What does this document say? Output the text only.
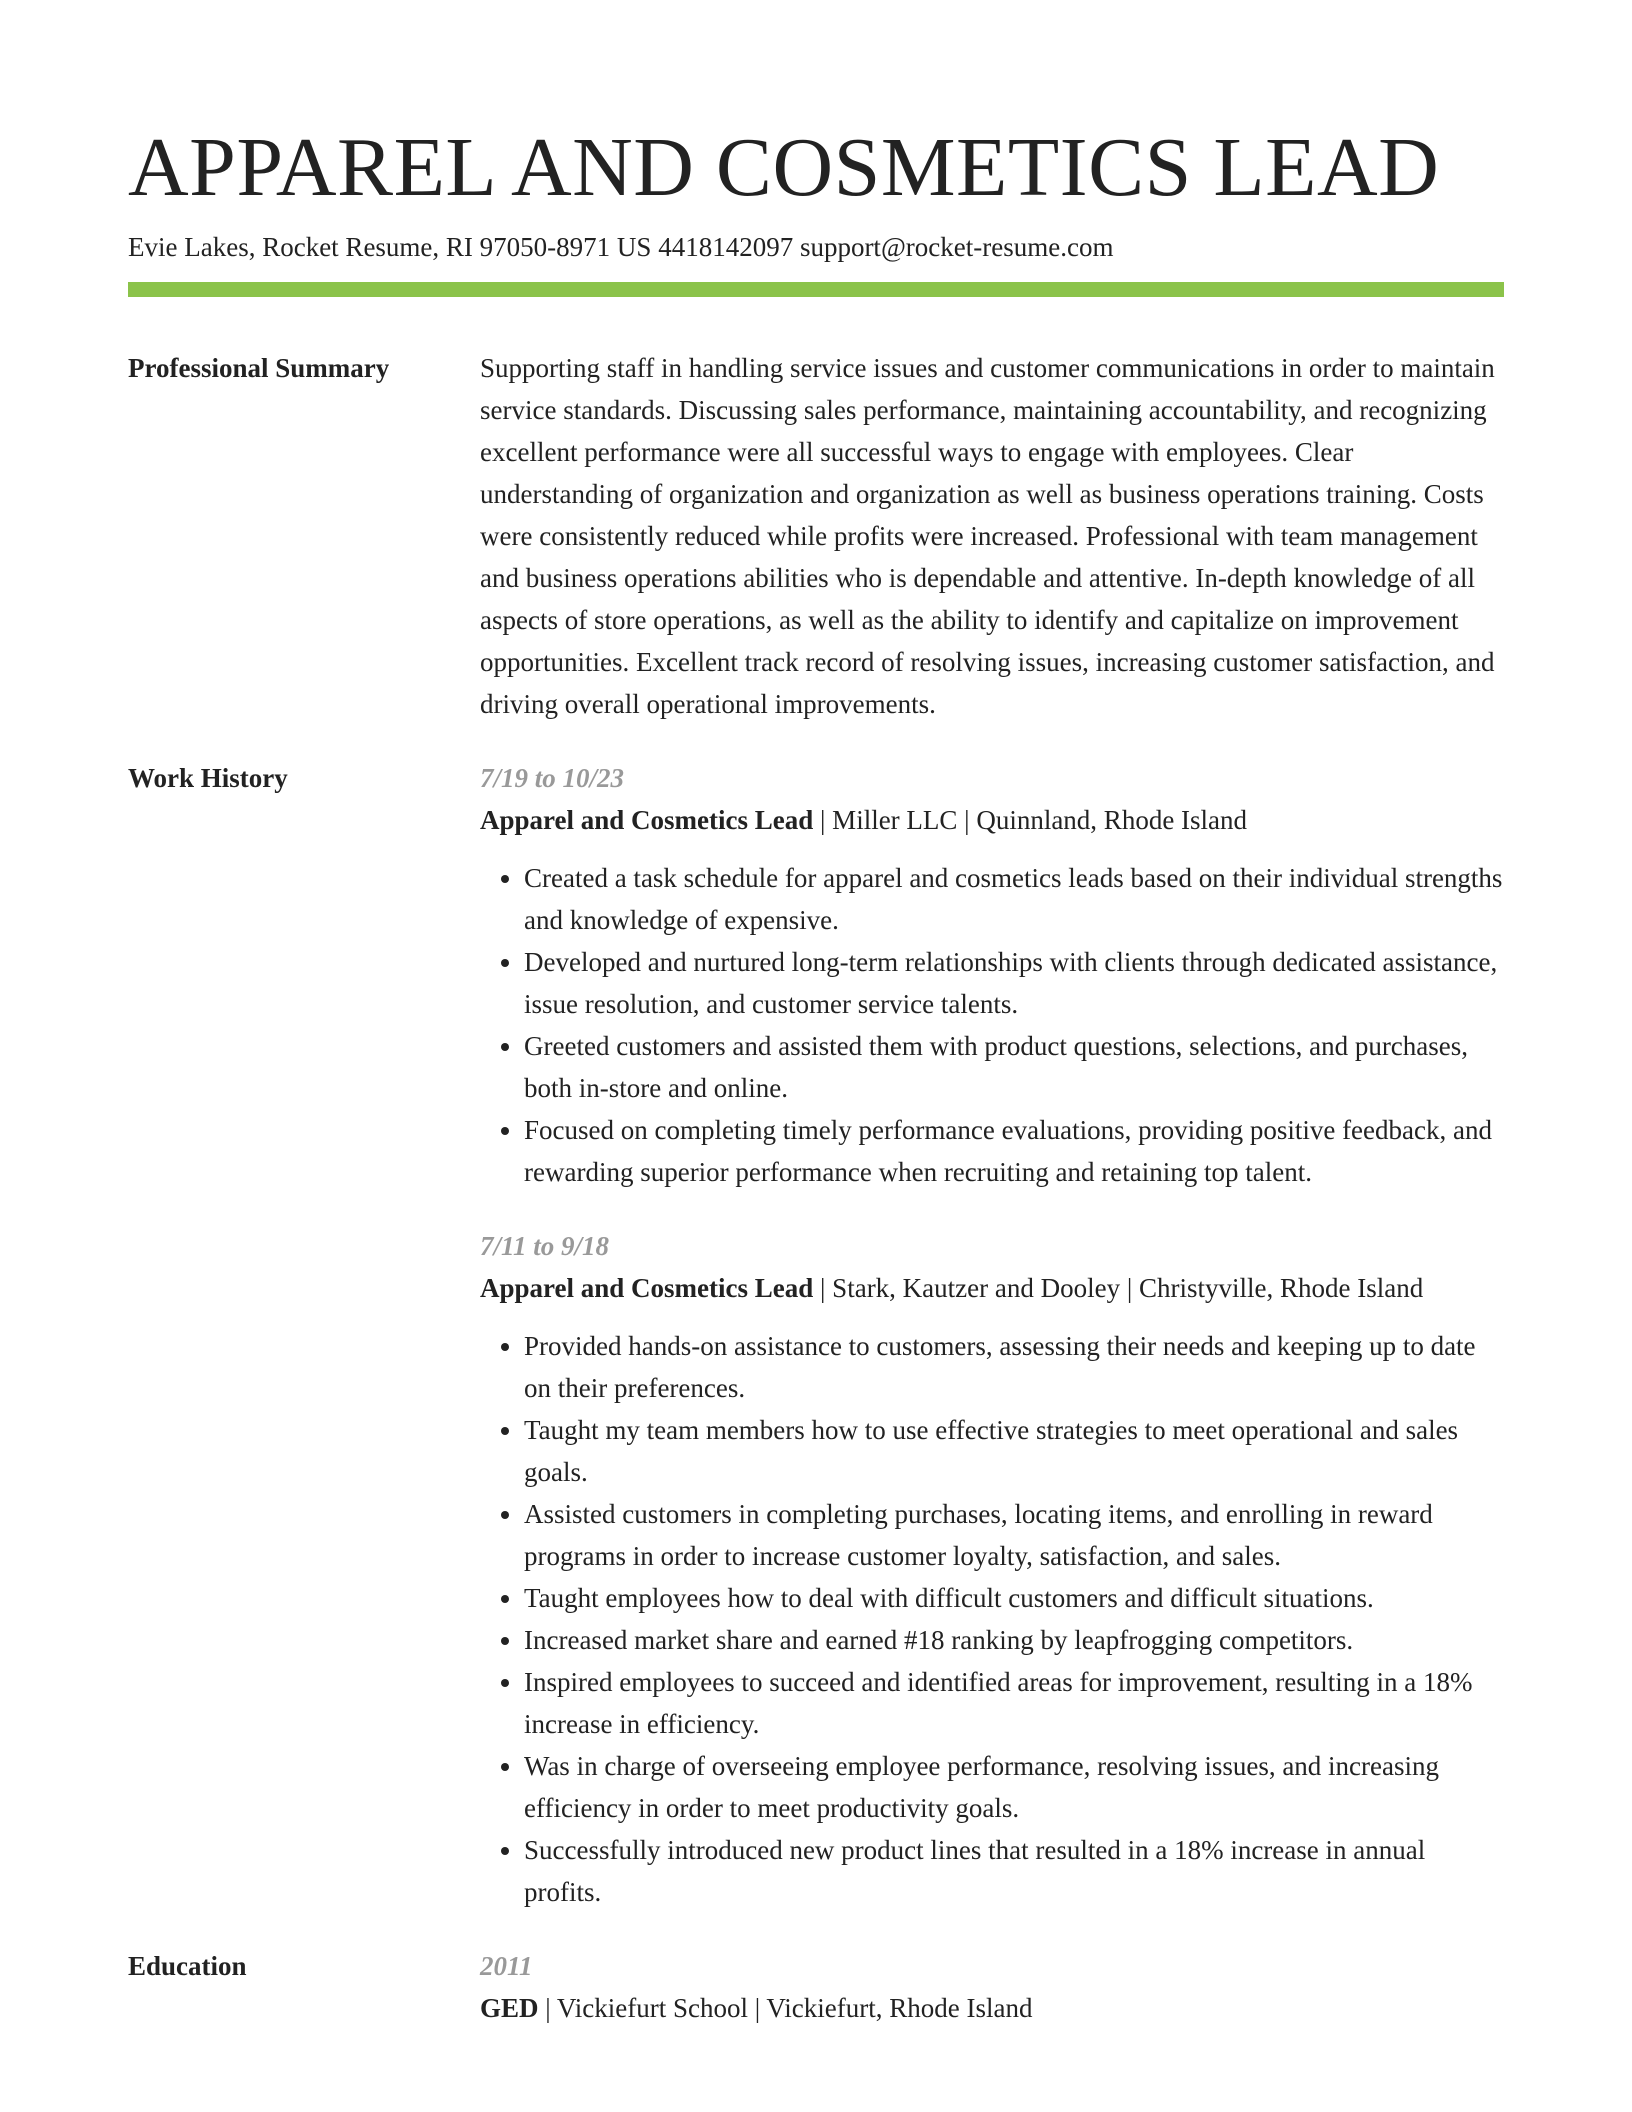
APPAREL AND COSMETICS LEAD
Evie Lakes, Rocket Resume, RI 97050-8971 US 4418142097 support@rocket-resume.com
Professional Summary	Supporting staff in handling service issues and customer communications in order to maintain service standards. Discussing sales performance, maintaining accountability, and recognizing excellent performance were all successful ways to engage with employees. Clear understanding of organization and organization as well as business operations training. Costs were consistently reduced while profits were increased. Professional with team management and business operations abilities who is dependable and attentive. In-depth knowledge of all aspects of store operations, as well as the ability to identify and capitalize on improvement opportunities. Excellent track record of resolving issues, increasing customer satisfaction, and driving overall operational improvements.

Work History	7/19 to 10/23
Apparel and Cosmetics Lead | Miller LLC | Quinnland, Rhode Island
• Created a task schedule for apparel and cosmetics leads based on their individual strengths and knowledge of expensive.
• Developed and nurtured long-term relationships with clients through dedicated assistance, issue resolution, and customer service talents.
• Greeted customers and assisted them with product questions, selections, and purchases, both in-store and online.
• Focused on completing timely performance evaluations, providing positive feedback, and rewarding superior performance when recruiting and retaining top talent.
7/11 to 9/18
Apparel and Cosmetics Lead | Stark, Kautzer and Dooley | Christyville, Rhode Island
• Provided hands-on assistance to customers, assessing their needs and keeping up to date on their preferences.
• Taught my team members how to use effective strategies to meet operational and sales goals.
• Assisted customers in completing purchases, locating items, and enrolling in reward programs in order to increase customer loyalty, satisfaction, and sales.
• Taught employees how to deal with difficult customers and difficult situations.
• Increased market share and earned #18 ranking by leapfrogging competitors.
• Inspired employees to succeed and identified areas for improvement, resulting in a 18% increase in efficiency.
• Was in charge of overseeing employee performance, resolving issues, and increasing efficiency in order to meet productivity goals.
• Successfully introduced new product lines that resulted in a 18% increase in annual profits.
Education	2011
GED | Vickiefurt School | Vickiefurt, Rhode Island
